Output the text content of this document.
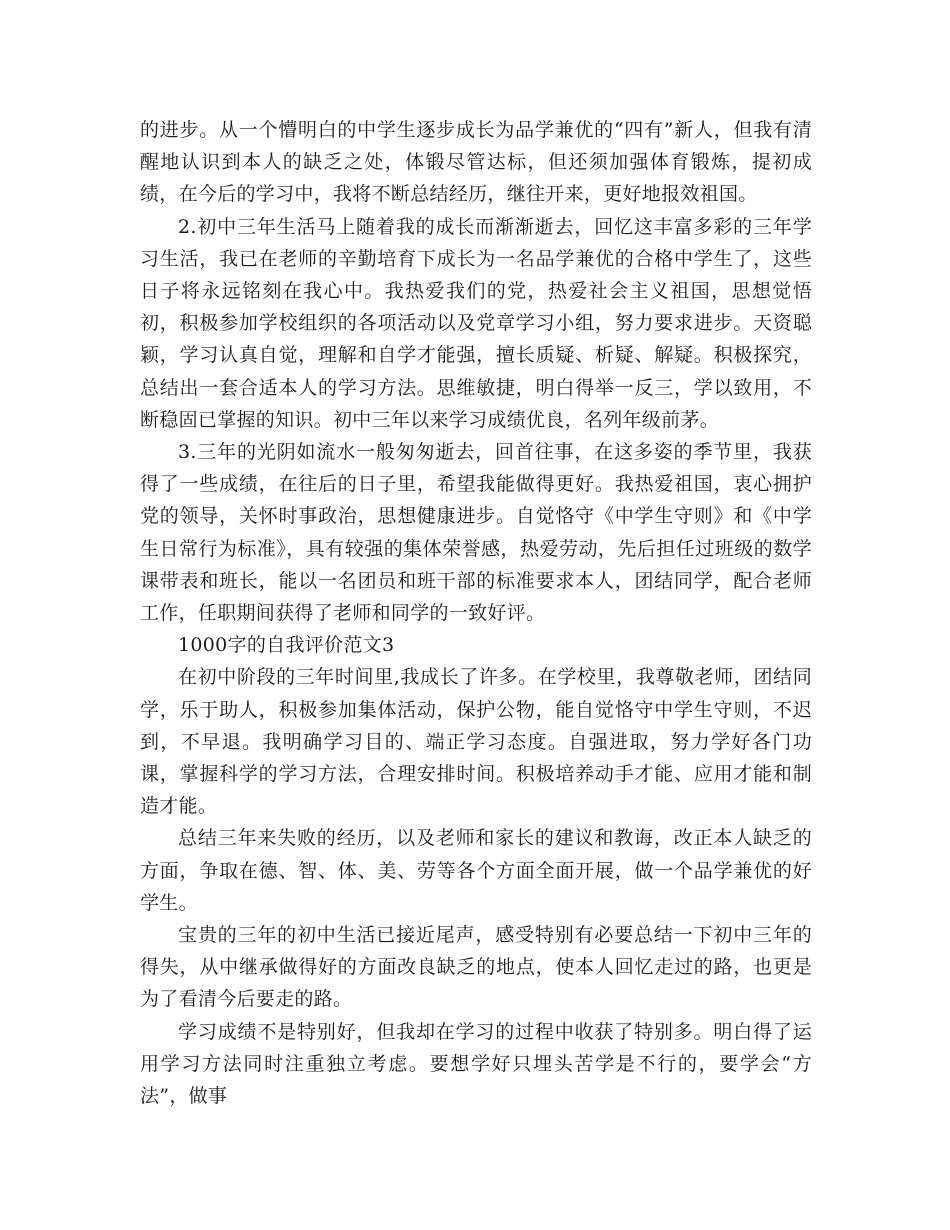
的进步。从一个懵明白的中学生逐步成长为品学兼优的“四有”新人，但我有清醒地认识到本人的缺乏之处，体锻尽管达标，但还须加强体育锻炼，提初成绩，在今后的学习中，我将不断总结经历，继往开来，更好地报效祖国。

2.初中三年生活马上随着我的成长而渐渐逝去，回忆这丰富多彩的三年学习生活，我已在老师的辛勤培育下成长为一名品学兼优的合格中学生了，这些日子将永远铭刻在我心中。我热爱我们的党，热爱社会主义祖国，思想觉悟初，积极参加学校组织的各项活动以及党章学习小组，努力要求进步。天资聪颖，学习认真自觉，理解和自学才能强，擅长质疑、析疑、解疑。积极探究，总结出一套合适本人的学习方法。思维敏捷，明白得举一反三，学以致用，不断稳固已掌握的知识。初中三年以来学习成绩优良，名列年级前茅。

3.三年的光阴如流水一般匆匆逝去，回首往事，在这多姿的季节里，我获得了一些成绩，在往后的日子里，希望我能做得更好。我热爱祖国，衷心拥护党的领导，关怀时事政治，思想健康进步。自觉恪守《中学生守则》和《中学生日常行为标准》，具有较强的集体荣誉感，热爱劳动，先后担任过班级的数学课带表和班长，能以一名团员和班干部的标准要求本人，团结同学，配合老师工作，任职期间获得了老师和同学的一致好评。

1000字的自我评价范文3

在初中阶段的三年时间里,我成长了许多。在学校里，我尊敬老师，团结同学，乐于助人，积极参加集体活动，保护公物，能自觉恪守中学生守则，不迟到，不早退。我明确学习目的、端正学习态度。自强进取，努力学好各门功课，掌握科学的学习方法，合理安排时间。积极培养动手才能、应用才能和制造才能。

总结三年来失败的经历，以及老师和家长的建议和教诲，改正本人缺乏的方面，争取在德、智、体、美、劳等各个方面全面开展，做一个品学兼优的好学生。

宝贵的三年的初中生活已接近尾声，感受特别有必要总结一下初中三年的得失，从中继承做得好的方面改良缺乏的地点，使本人回忆走过的路，也更是为了看清今后要走的路。

学习成绩不是特别好，但我却在学习的过程中收获了特别多。明白得了运用学习方法同时注重独立考虑。要想学好只埋头苦学是不行的，要学会“方法”，做事
